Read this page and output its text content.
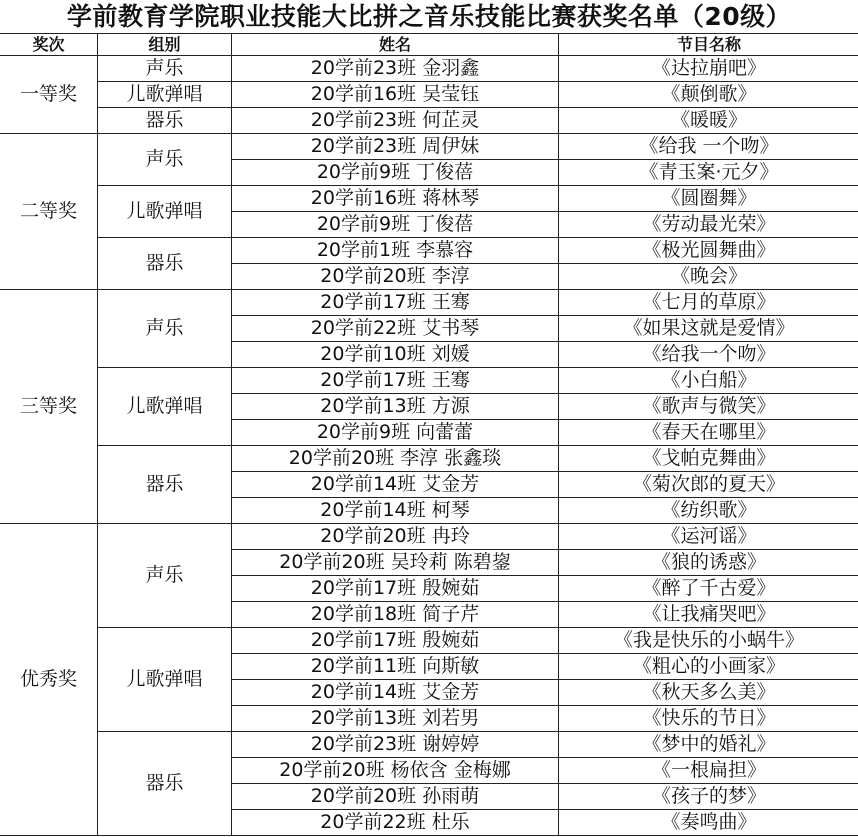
学前教育学院职业技能大比拼之音乐技能比赛获奖名单（20级）
奖次	组别	姓名	节目名称
一等奖	声乐	20学前23班 金羽鑫	《达拉崩吧》
	儿歌弹唱	20学前16班 吴莹钰	《颠倒歌》
	器乐	20学前23班 何芷灵	《暖暖》
二等奖	声乐	20学前23班 周伊妹	《给我 一个吻》
		20学前9班 丁俊蓓	《青玉案·元夕》
	儿歌弹唱	20学前16班 蒋林琴	《圆圈舞》
		20学前9班 丁俊蓓	《劳动最光荣》
	器乐	20学前1班 李慕容	《极光圆舞曲》
		20学前20班 李淳	《晚会》
三等奖	声乐	20学前17班 王骞	《七月的草原》
		20学前22班 艾书琴	《如果这就是爱情》
		20学前10班 刘媛	《给我一个吻》
	儿歌弹唱	20学前17班 王骞	《小白船》
		20学前13班 方源	《歌声与微笑》
		20学前9班 向蕾蕾	《春天在哪里》
	器乐	20学前20班 李淳 张鑫琰	《戈帕克舞曲》
		20学前14班 艾金芳	《菊次郎的夏天》
		20学前14班 柯琴	《纺织歌》
优秀奖	声乐	20学前20班 冉玲	《运河谣》
		20学前20班 吴玲莉 陈碧鋆	《狼的诱惑》
		20学前17班 殷婉茹	《醉了千古爱》
		20学前18班 简子芹	《让我痛哭吧》
	儿歌弹唱	20学前17班 殷婉茹	《我是快乐的小蜗牛》
		20学前11班 向斯敏	《粗心的小画家》
		20学前14班 艾金芳	《秋天多么美》
		20学前13班 刘若男	《快乐的节日》
	器乐	20学前23班 谢婷婷	《梦中的婚礼》
		20学前20班 杨依含 金梅娜	《一根扁担》
		20学前20班 孙雨萌	《孩子的梦》
		20学前22班 杜乐	《奏鸣曲》
